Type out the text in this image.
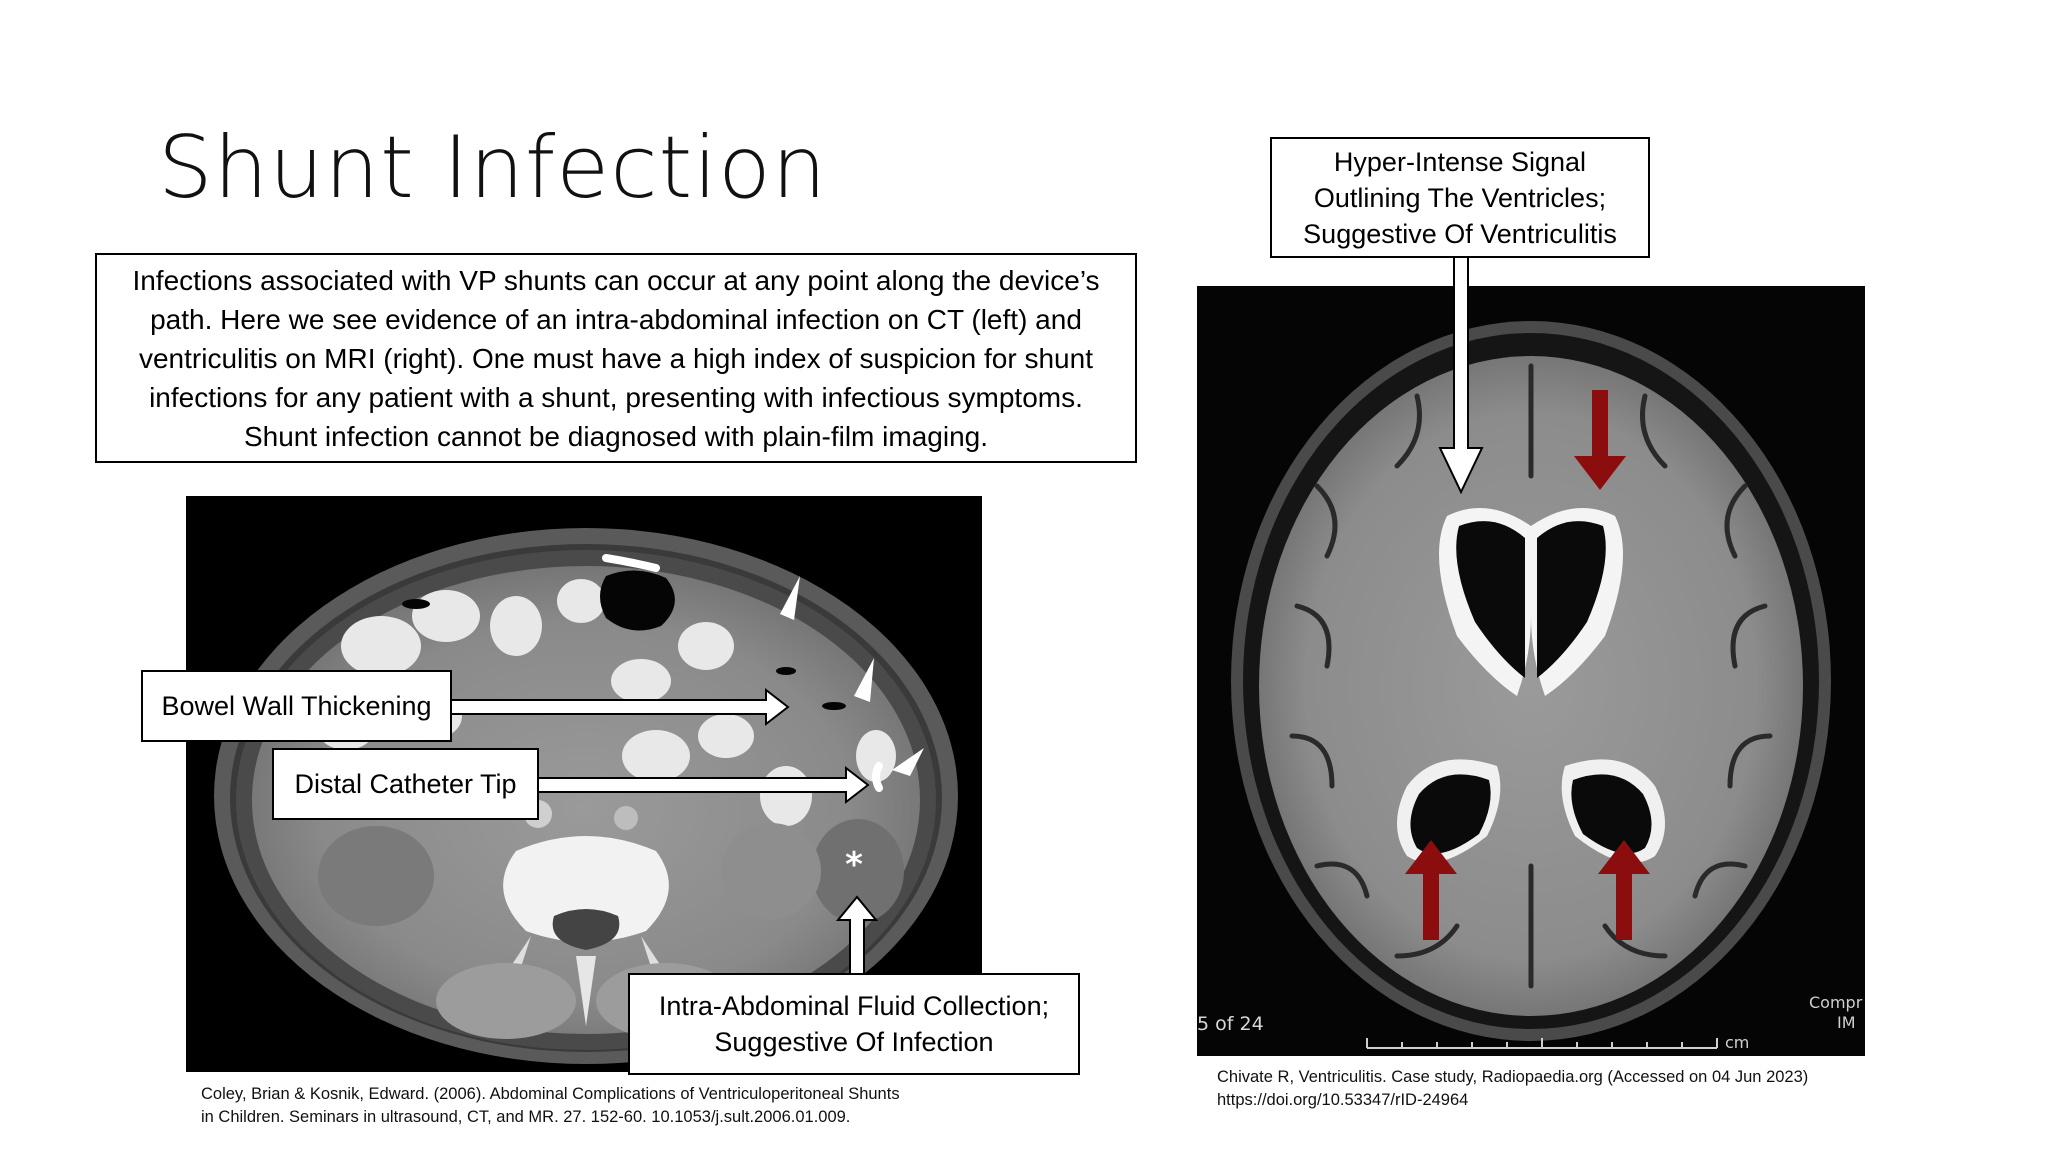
Shunt Infection
Infections associated with VP shunts can occur at any point along the device’s
path. Here we see evidence of an intra-abdominal infection on CT (left) and
ventriculitis on MRI (right). One must have a high index of suspicion for shunt
infections for any patient with a shunt, presenting with infectious symptoms.
Shunt infection cannot be diagnosed with plain-film imaging.
*
cm
5 of 24
Compr
IM
Bowel Wall Thickening
Distal Catheter Tip
Intra-Abdominal Fluid Collection;
Suggestive Of Infection
Hyper-Intense Signal
Outlining The Ventricles;
Suggestive Of Ventriculitis
Coley, Brian & Kosnik, Edward. (2006). Abdominal Complications of Ventriculoperitoneal Shunts
in Children. Seminars in ultrasound, CT, and MR. 27. 152-60. 10.1053/j.sult.2006.01.009.
Chivate R, Ventriculitis. Case study, Radiopaedia.org (Accessed on 04 Jun 2023)
https://doi.org/10.53347/rID-24964
